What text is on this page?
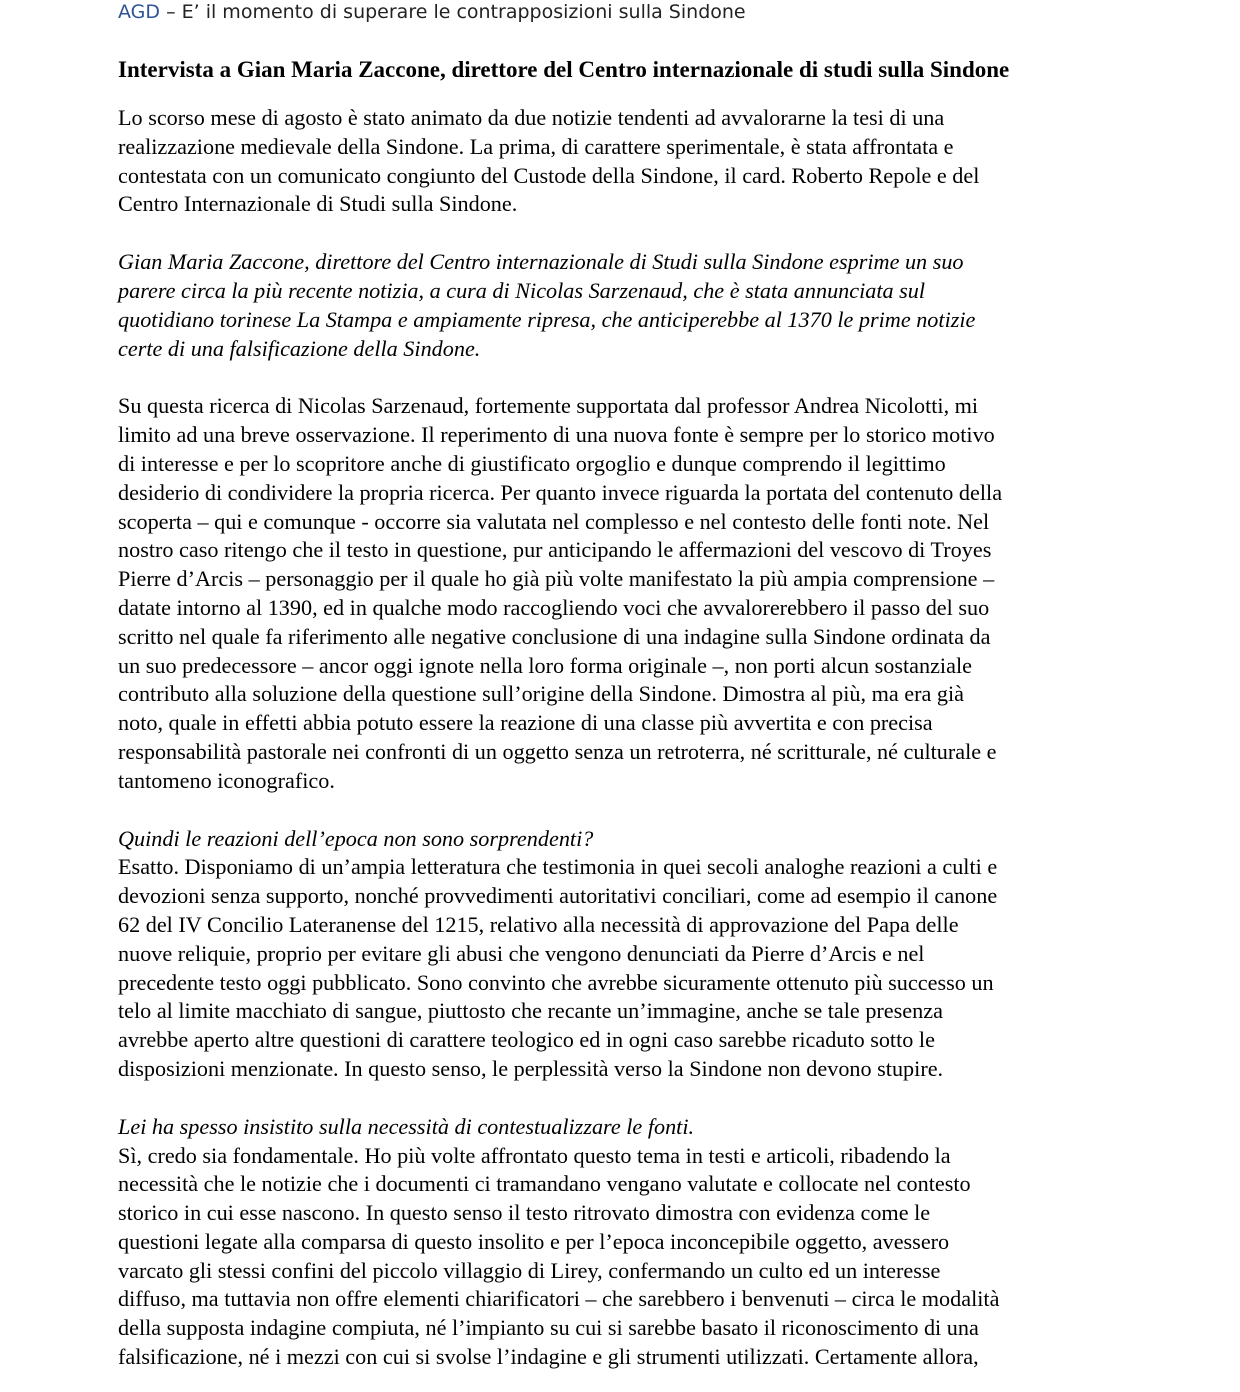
AGD – E’ il momento di superare le contrapposizioni sulla Sindone
Intervista a Gian Maria Zaccone, direttore del Centro internazionale di studi sulla Sindone

Lo scorso mese di agosto è stato animato da due notizie tendenti ad avvalorarne la tesi di una
realizzazione medievale della Sindone. La prima, di carattere sperimentale, è stata affrontata e
contestata con un comunicato congiunto del Custode della Sindone, il card. Roberto Repole e del
Centro Internazionale di Studi sulla Sindone.

Gian Maria Zaccone, direttore del Centro internazionale di Studi sulla Sindone esprime un suo
parere circa la più recente notizia, a cura di Nicolas Sarzenaud, che è stata annunciata sul
quotidiano torinese La Stampa e ampiamente ripresa, che anticiperebbe al 1370 le prime notizie
certe di una falsificazione della Sindone.

Su questa ricerca di Nicolas Sarzenaud, fortemente supportata dal professor Andrea Nicolotti, mi
limito ad una breve osservazione. Il reperimento di una nuova fonte è sempre per lo storico motivo
di interesse e per lo scopritore anche di giustificato orgoglio e dunque comprendo il legittimo
desiderio di condividere la propria ricerca. Per quanto invece riguarda la portata del contenuto della
scoperta – qui e comunque - occorre sia valutata nel complesso e nel contesto delle fonti note. Nel
nostro caso ritengo che il testo in questione, pur anticipando le affermazioni del vescovo di Troyes
Pierre d’Arcis – personaggio per il quale ho già più volte manifestato la più ampia comprensione –
datate intorno al 1390, ed in qualche modo raccogliendo voci che avvalorerebbero il passo del suo
scritto nel quale fa riferimento alle negative conclusione di una indagine sulla Sindone ordinata da
un suo predecessore – ancor oggi ignote nella loro forma originale –, non porti alcun sostanziale
contributo alla soluzione della questione sull’origine della Sindone. Dimostra al più, ma era già
noto, quale in effetti abbia potuto essere la reazione di una classe più avvertita e con precisa
responsabilità pastorale nei confronti di un oggetto senza un retroterra, né scritturale, né culturale e
tantomeno iconografico.

Quindi le reazioni dell’epoca non sono sorprendenti?
Esatto. Disponiamo di un’ampia letteratura che testimonia in quei secoli analoghe reazioni a culti e
devozioni senza supporto, nonché provvedimenti autoritativi conciliari, come ad esempio il canone
62 del IV Concilio Lateranense del 1215, relativo alla necessità di approvazione del Papa delle
nuove reliquie, proprio per evitare gli abusi che vengono denunciati da Pierre d’Arcis e nel
precedente testo oggi pubblicato. Sono convinto che avrebbe sicuramente ottenuto più successo un
telo al limite macchiato di sangue, piuttosto che recante un’immagine, anche se tale presenza
avrebbe aperto altre questioni di carattere teologico ed in ogni caso sarebbe ricaduto sotto le
disposizioni menzionate. In questo senso, le perplessità verso la Sindone non devono stupire.

Lei ha spesso insistito sulla necessità di contestualizzare le fonti.
Sì, credo sia fondamentale. Ho più volte affrontato questo tema in testi e articoli, ribadendo la
necessità che le notizie che i documenti ci tramandano vengano valutate e collocate nel contesto
storico in cui esse nascono. In questo senso il testo ritrovato dimostra con evidenza come le
questioni legate alla comparsa di questo insolito e per l’epoca inconcepibile oggetto, avessero
varcato gli stessi confini del piccolo villaggio di Lirey, confermando un culto ed un interesse
diffuso, ma tuttavia non offre elementi chiarificatori – che sarebbero i benvenuti – circa le modalità
della supposta indagine compiuta, né l’impianto su cui si sarebbe basato il riconoscimento di una
falsificazione, né i mezzi con cui si svolse l’indagine e gli strumenti utilizzati. Certamente allora,
